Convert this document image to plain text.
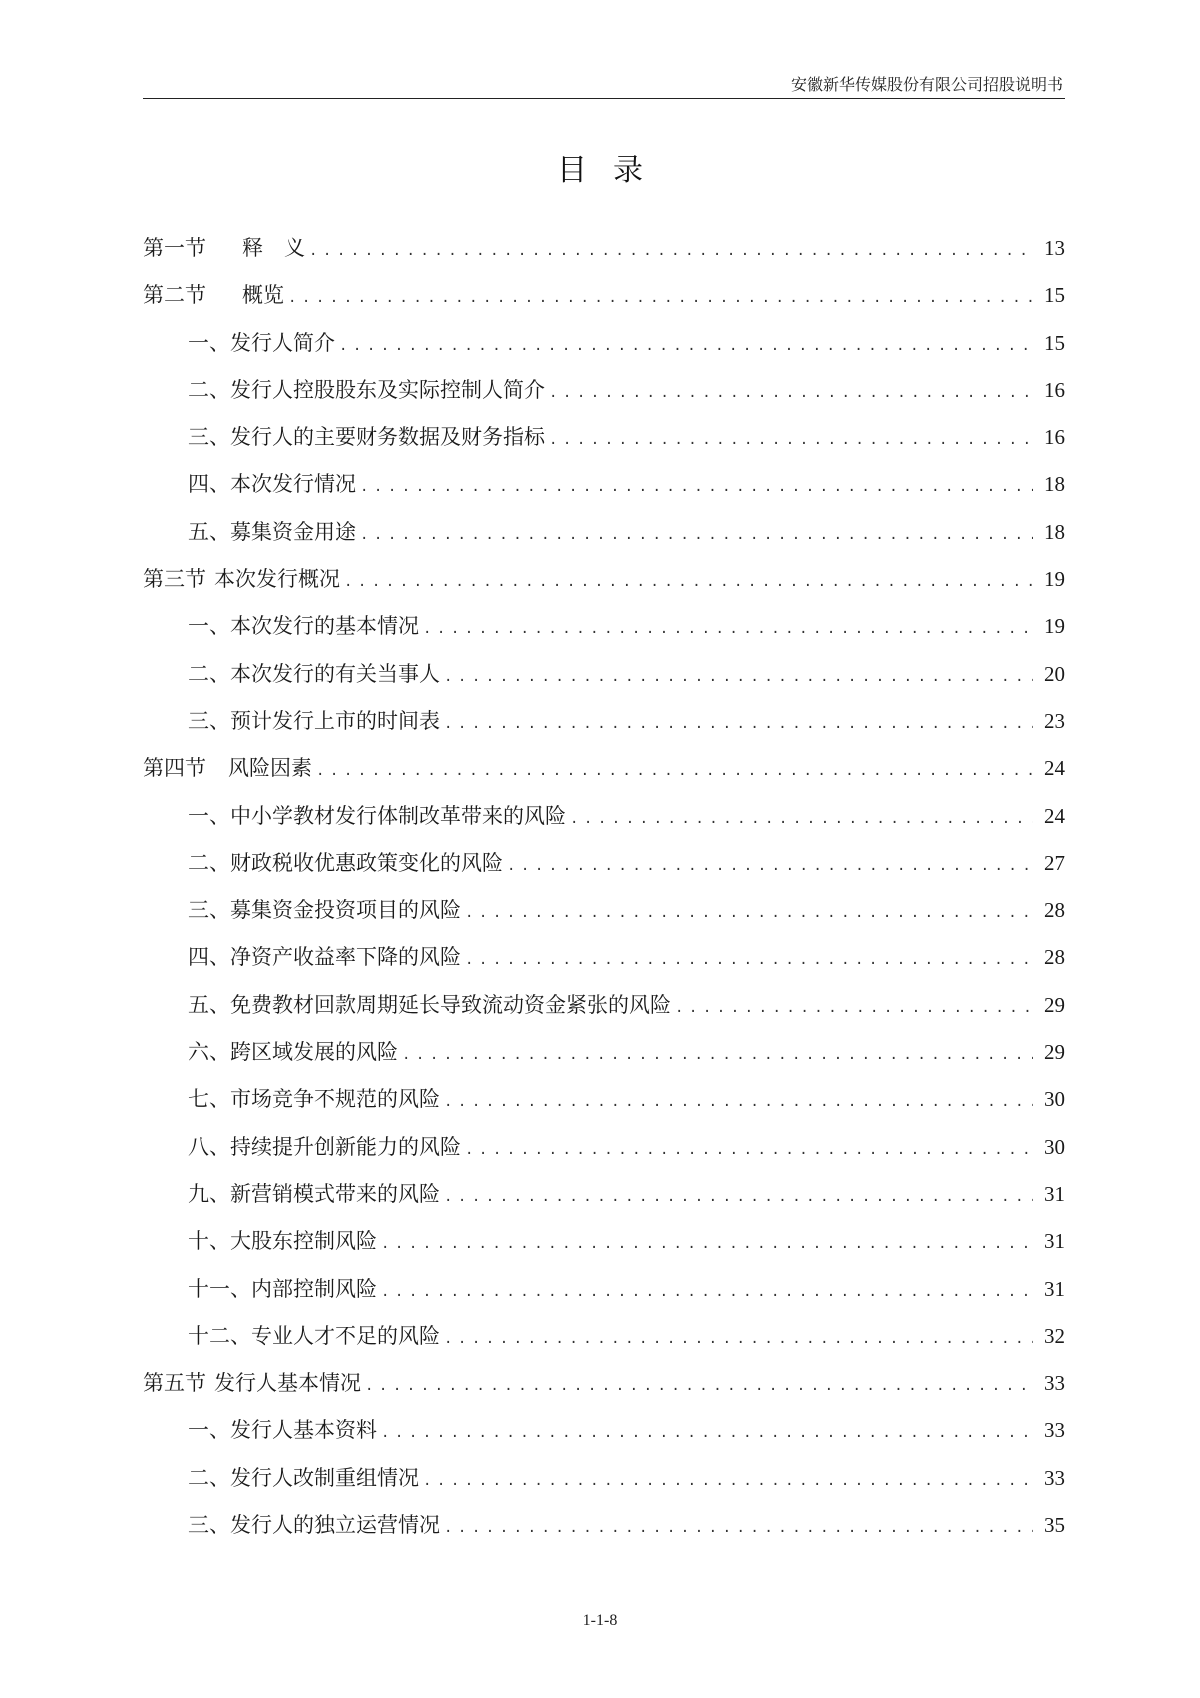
安徽新华传媒股份有限公司招股说明书
目录
第一节 释　义 .....	13
第二节 概览 .....	15
一、发行人简介 .....	15
二、发行人控股股东及实际控制人简介 .....	16
三、发行人的主要财务数据及财务指标 .....	16
四、本次发行情况 .....	18
五、募集资金用途 .....	18
第三节 本次发行概况 .....	19
一、本次发行的基本情况 .....	19
二、本次发行的有关当事人 .....	20
三、预计发行上市的时间表 .....	23
第四节 风险因素 .....	24
一、中小学教材发行体制改革带来的风险 .....	24
二、财政税收优惠政策变化的风险 .....	27
三、募集资金投资项目的风险 .....	28
四、净资产收益率下降的风险 .....	28
五、免费教材回款周期延长导致流动资金紧张的风险 .....	29
六、跨区域发展的风险 .....	29
七、市场竞争不规范的风险 .....	30
八、持续提升创新能力的风险 .....	30
九、新营销模式带来的风险 .....	31
十、大股东控制风险 .....	31
十一、内部控制风险 .....	31
十二、专业人才不足的风险 .....	32
第五节 发行人基本情况 .....	33
一、发行人基本资料 .....	33
二、发行人改制重组情况 .....	33
三、发行人的独立运营情况 .....	35
1-1-8
